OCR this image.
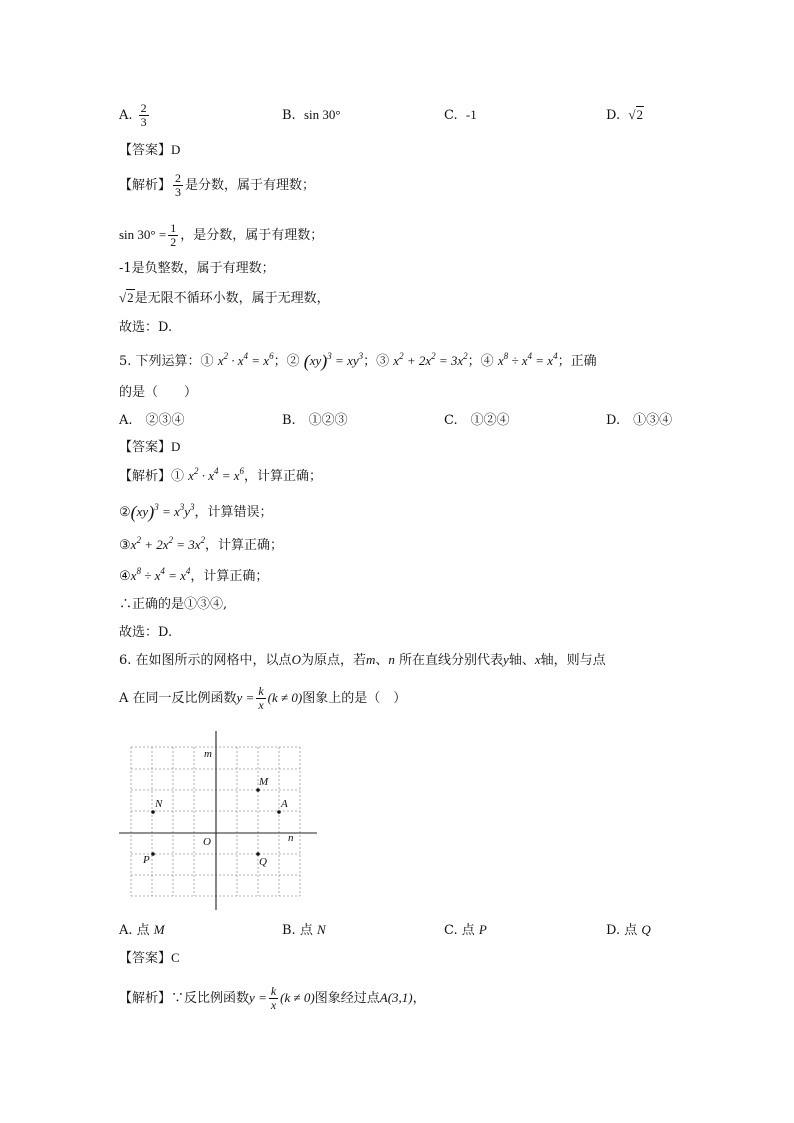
A. $\frac{2}{3}$	B. sin 30°	C. -1	D. √2
【答案】D
【解析】 $\frac{2}{3}$ 是分数，属于有理数；
$\sin 30^\circ = \frac{1}{2}$ ，是分数，属于有理数；
-1是负整数，属于有理数；
√2是无限不循环小数，属于无理数，
故选：D.
5. 下列运算：① $x^2 \cdot x^4 = x^6$；② $(xy)^3 = xy^3$；③ $x^2 + 2x^2 = 3x^2$；④ $x^8 \div x^4 = x^4$；正确
的是（　　）
A.　②③④	B.　①②③	C.　①②④	D.　①③④
【答案】D
【解析】① $x^2 \cdot x^4 = x^6$，计算正确；
②(xy)$^3$ = $x^3y^3$，计算错误；
$③x^2 + 2x^2 = 3x^2$，计算正确；
$④x^8 \div x^4 = x^4$，计算正确；
∴正确的是①③④,
故选：D.
6. 在如图所示的网格中，以点O为原点，若m、n 所在直线分别代表y轴、x轴，则与点
A 在同一反比例函数$y = \frac{k}{x} (k \ne 0)$图象上的是（　）
m
n
O
M
N	A
P	Q
A. 点 M	B. 点 N	C. 点 P	D. 点 Q
【答案】C
【解析】∵反比例函数$y = \frac{k}{x} (k \ne 0)$图象经过点A(3,1)，
